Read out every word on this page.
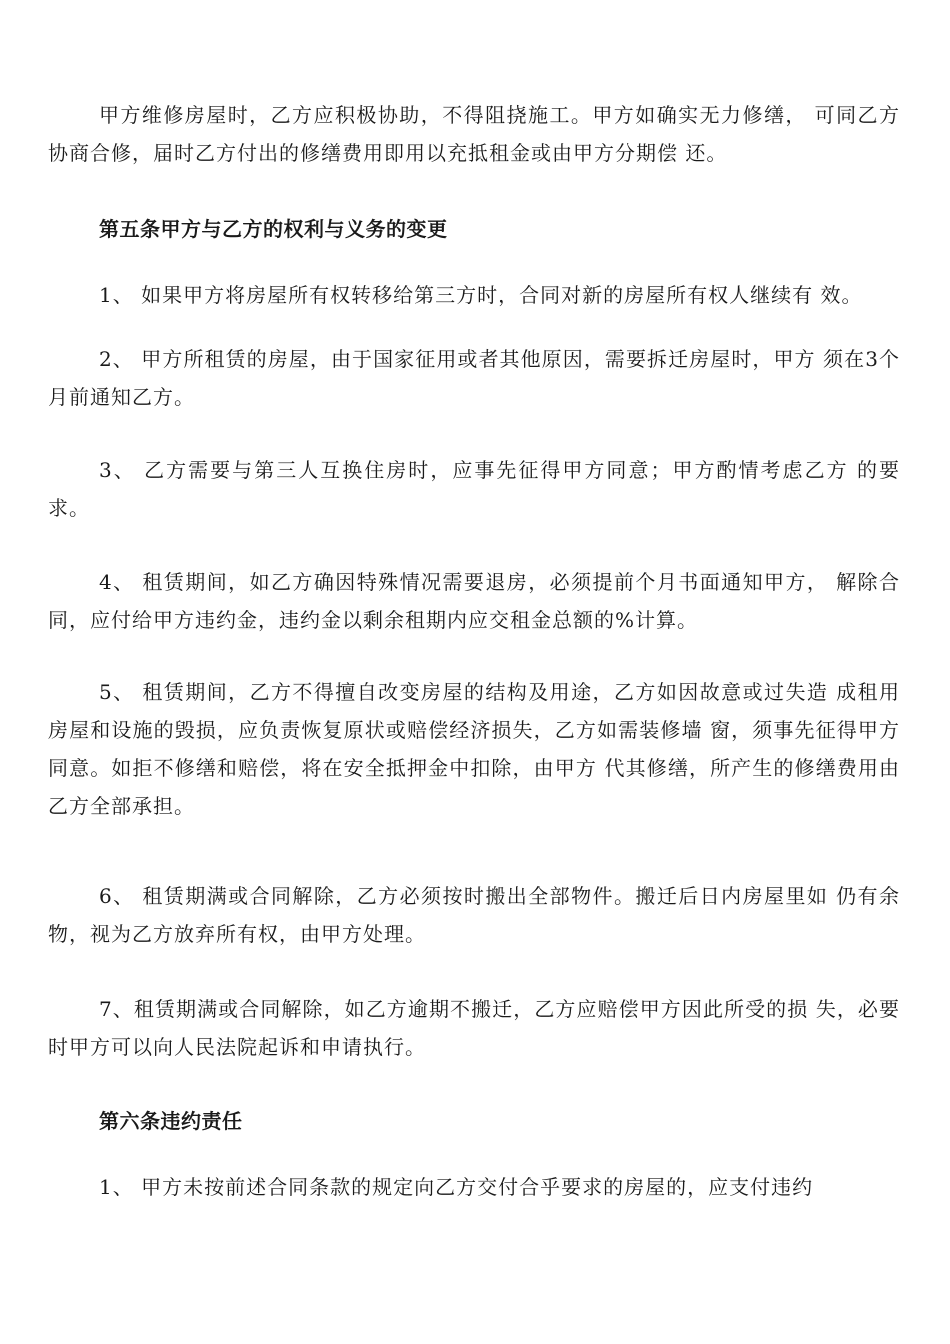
甲方维修房屋时，乙方应积极协助，不得阻挠施工。甲方如确实无力修缮， 可同乙方协商合修，届时乙方付出的修缮费用即用以充抵租金或由甲方分期偿 还。

第五条甲方与乙方的权利与义务的变更

1、 如果甲方将房屋所有权转移给第三方时，合同对新的房屋所有权人继续有 效。

2、 甲方所租赁的房屋，由于国家征用或者其他原因，需要拆迁房屋时，甲方 须在3个月前通知乙方。

3、 乙方需要与第三人互换住房时，应事先征得甲方同意；甲方酌情考虑乙方 的要求。

4、 租赁期间，如乙方确因特殊情况需要退房，必须提前个月书面通知甲方， 解除合同，应付给甲方违约金，违约金以剩余租期内应交租金总额的%计算。

5、 租赁期间，乙方不得擅自改变房屋的结构及用途，乙方如因故意或过失造 成租用房屋和设施的毁损，应负责恢复原状或赔偿经济损失，乙方如需装修墙 窗，须事先征得甲方同意。如拒不修缮和赔偿，将在安全抵押金中扣除，由甲方 代其修缮，所产生的修缮费用由乙方全部承担。

6、 租赁期满或合同解除，乙方必须按时搬出全部物件。搬迁后日内房屋里如 仍有余物，视为乙方放弃所有权，由甲方处理。

7、租赁期满或合同解除，如乙方逾期不搬迁，乙方应赔偿甲方因此所受的损 失，必要时甲方可以向人民法院起诉和申请执行。

第六条违约责任

1、 甲方未按前述合同条款的规定向乙方交付合乎要求的房屋的，应支付违约
